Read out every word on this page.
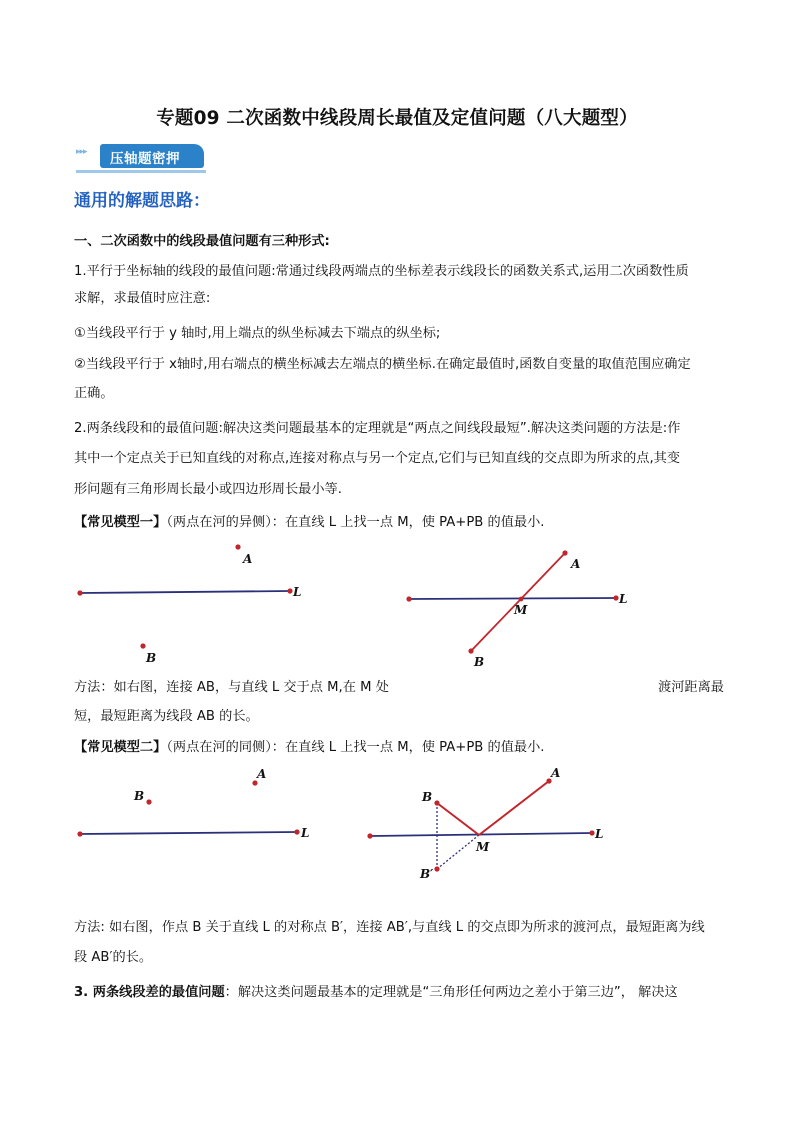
专题09 二次函数中线段周长最值及定值问题（八大题型）
▸▸▸ 压轴题密押
通用的解题思路：
一、二次函数中的线段最值问题有三种形式:
1.平行于坐标轴的线段的最值问题:常通过线段两端点的坐标差表示线段长的函数关系式,运用二次函数性质
求解，求最值时应注意:
①当线段平行于 y 轴时,用上端点的纵坐标减去下端点的纵坐标;
②当线段平行于 x轴时,用右端点的横坐标减去左端点的横坐标.在确定最值时,函数自变量的取值范围应确定
正确。
2.两条线段和的最值问题:解决这类问题最基本的定理就是“两点之间线段最短”.解决这类问题的方法是:作
其中一个定点关于已知直线的对称点,连接对称点与另一个定点,它们与已知直线的交点即为所求的点,其变
形问题有三角形周长最小或四边形周长最小等.
【常见模型一】（两点在河的异侧）：在直线 L 上找一点 M，使 PA+PB 的值最小.
A
L
B
A
L
M
B
方法：如右图，连接 AB，与直线 L 交于点 M,在 M 处	渡河距离最
短，最短距离为线段 AB 的长。
【常见模型二】（两点在河的同侧）：在直线 L 上找一点 M，使 PA+PB 的值最小.
A
B
L
A
B
L
M
B′
方法: 如右图，作点 B 关于直线 L 的对称点 B′，连接 AB′,与直线 L 的交点即为所求的渡河点，最短距离为线
段 AB′的长。
3. 两条线段差的最值问题：解决这类问题最基本的定理就是“三角形任何两边之差小于第三边”， 解决这
